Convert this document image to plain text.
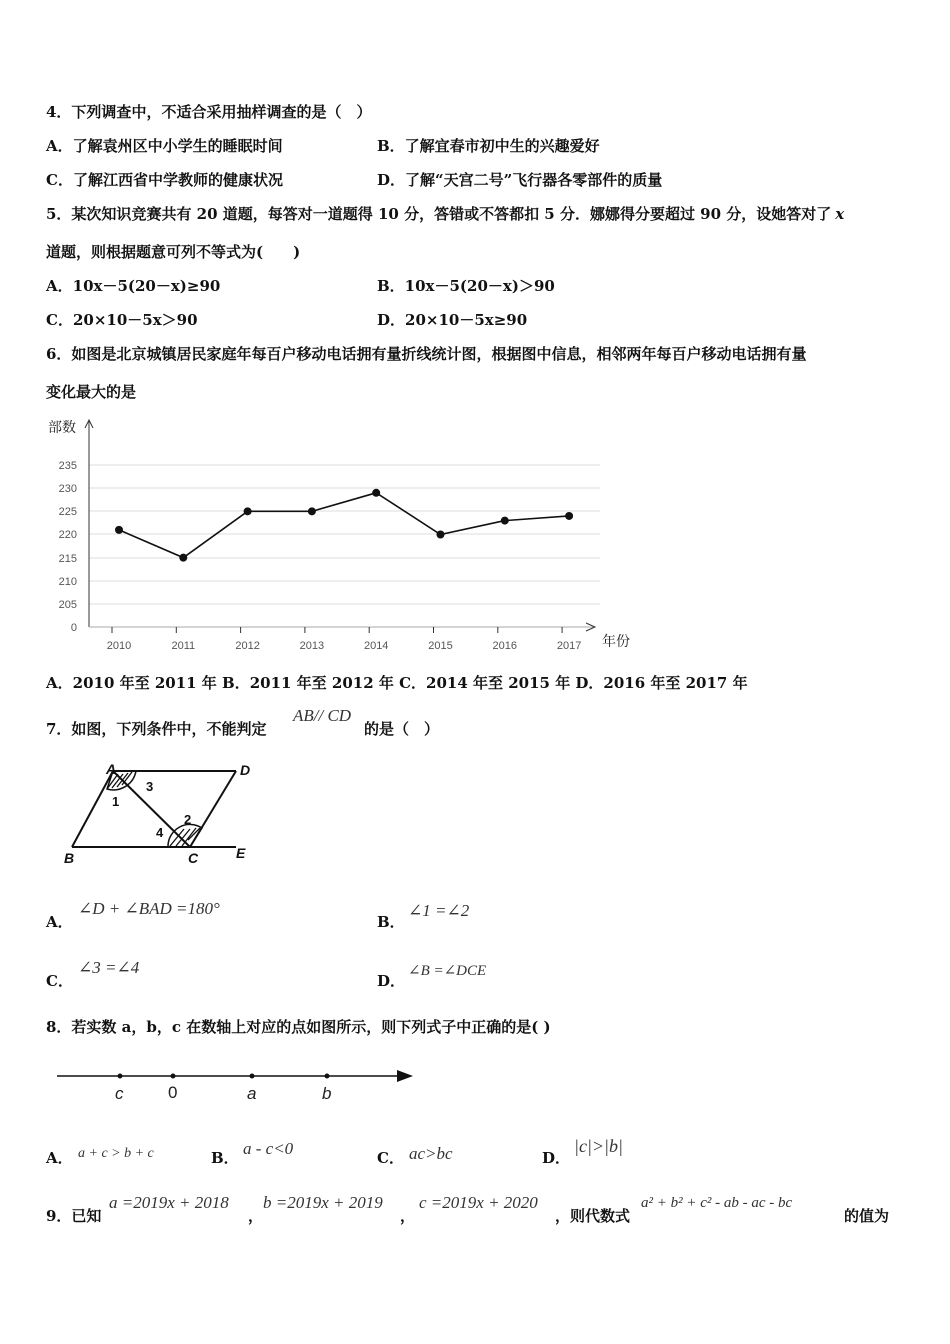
4．下列调查中，不适合采用抽样调查的是（　）
A．了解袁州区中小学生的睡眠时间	B．了解宜春市初中生的兴趣爱好
C．了解江西省中学教师的健康状况	D．了解“天宫二号”飞行器各零部件的质量
5．某次知识竞赛共有 20 道题，每答对一道题得 10 分，答错或不答都扣 5 分．娜娜得分要超过 90 分，设她答对了 x
道题，则根据题意可列不等式为(　　)
A．10x－5(20－x)≥90	B．10x－5(20－x)＞90
C．20×10－5x＞90	D．20×10－5x≥90
6．如图是北京城镇居民家庭年每百户移动电话拥有量折线统计图，根据图中信息，相邻两年每百户移动电话拥有量
变化最大的是
部数
年份
0
205
210
215
220
225
230
235
2010	2011	2012	2013	2014	2015	2016	2017
A．2010 年至 2011 年 B．2011 年至 2012 年 C．2014 年至 2015 年 D．2016 年至 2017 年
7．如图，下列条件中，不能判定
AB// CD
的是（　）
A	D
B	C	E
1
3
4
2
A．
∠D + ∠BAD =180°
B．
∠1 =∠2
C．
∠3 =∠4
D．
∠B =∠DCE
8．若实数 a，b，c 在数轴上对应的点如图所示，则下列式子中正确的是( )
c	0	a	b
A． a + c > b + c	B． a - c<0	C． ac>bc	D．
|c|>|b|
9．已知
a =2019x + 2018
，
b =2019x + 2019
，
c =2019x + 2020
，则代数式
a² + b² + c² - ab - ac - bc
的值为
